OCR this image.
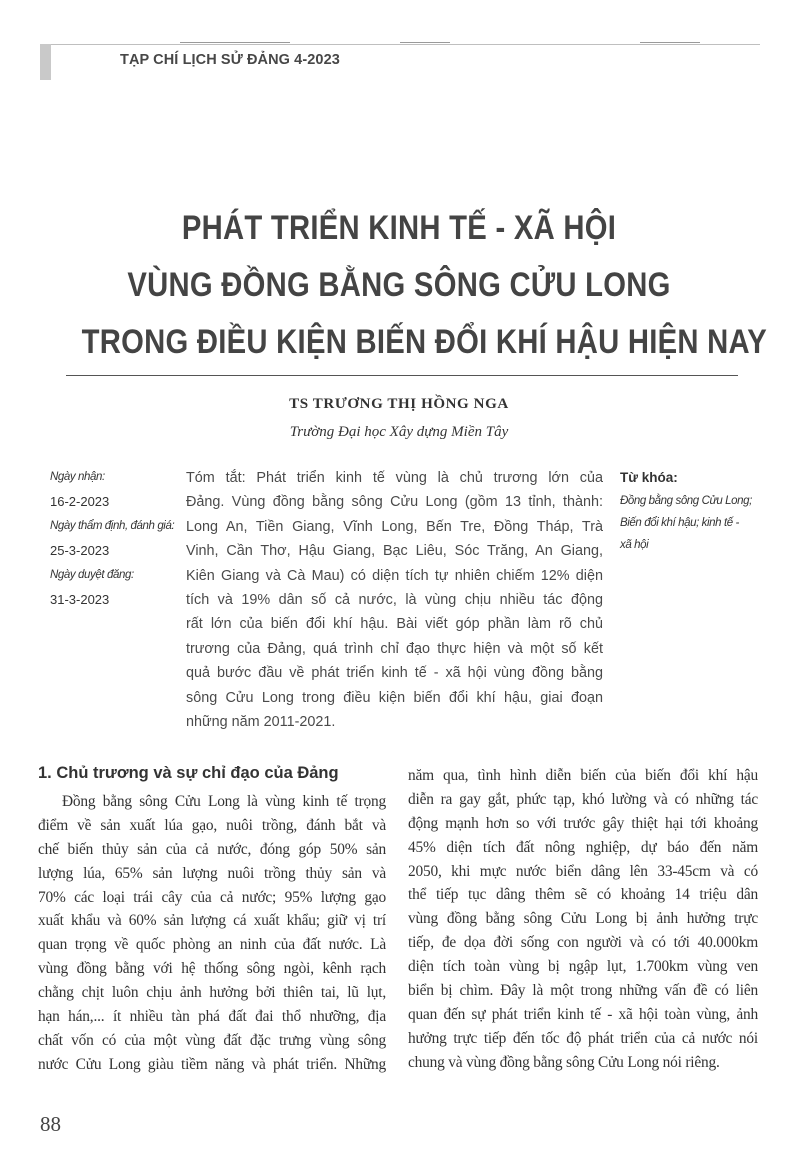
TẠP CHÍ LỊCH SỬ ĐẢNG 4-2023
PHÁT TRIỂN KINH TẾ - XÃ HỘI
VÙNG ĐỒNG BẰNG SÔNG CỬU LONG
TRONG ĐIỀU KIỆN BIẾN ĐỔI KHÍ HẬU HIỆN NAY
TS TRƯƠNG THỊ HỒNG NGA
Trường Đại học Xây dựng Miền Tây
Ngày nhận:
16-2-2023
Ngày thẩm định, đánh giá:
25-3-2023
Ngày duyệt đăng:
31-3-2023
Tóm tắt: Phát triển kinh tế vùng là chủ trương lớn của
Đảng. Vùng đồng bằng sông Cửu Long (gồm 13 tỉnh, thành:
Long An, Tiền Giang, Vĩnh Long, Bến Tre, Đồng Tháp, Trà
Vinh, Cần Thơ, Hậu Giang, Bạc Liêu, Sóc Trăng, An Giang,
Kiên Giang và Cà Mau) có diện tích tự nhiên chiếm 12% diện
tích và 19% dân số cả nước, là vùng chịu nhiều tác động
rất lớn của biến đổi khí hậu. Bài viết góp phần làm rõ chủ
trương của Đảng, quá trình chỉ đạo thực hiện và một số kết
quả bước đầu về phát triển kinh tế - xã hội vùng đồng bằng
sông Cửu Long trong điều kiện biến đổi khí hậu, giai đoạn
những năm 2011-2021.
Từ khóa:
Đồng bằng sông Cửu Long;
Biến đổi khí hậu; kinh tế -
xã hội
1. Chủ trương và sự chỉ đạo của Đảng
Đồng bằng sông Cửu Long là vùng kinh tế trọng
điểm về sản xuất lúa gạo, nuôi trồng, đánh bắt và
chế biến thủy sản của cả nước, đóng góp 50% sản
lượng lúa, 65% sản lượng nuôi trồng thủy sản và
70% các loại trái cây của cả nước; 95% lượng gạo
xuất khẩu và 60% sản lượng cá xuất khẩu; giữ vị trí
quan trọng về quốc phòng an ninh của đất nước. Là
vùng đồng bằng với hệ thống sông ngòi, kênh rạch
chằng chịt luôn chịu ảnh hưởng bởi thiên tai, lũ lụt,
hạn hán,... ít nhiều tàn phá đất đai thổ nhưỡng, địa
chất vốn có của một vùng đất đặc trưng vùng sông
nước Cửu Long giàu tiềm năng và phát triển. Những
năm qua, tình hình diễn biến của biến đổi khí hậu
diễn ra gay gắt, phức tạp, khó lường và có những tác
động mạnh hơn so với trước gây thiệt hại tới khoảng
45% diện tích đất nông nghiệp, dự báo đến năm
2050, khi mực nước biển dâng lên 33-45cm và có
thể tiếp tục dâng thêm sẽ có khoảng 14 triệu dân
vùng đồng bằng sông Cửu Long bị ảnh hưởng trực
tiếp, đe dọa đời sống con người và có tới 40.000km
diện tích toàn vùng bị ngập lụt, 1.700km vùng ven
biển bị chìm. Đây là một trong những vấn đề có liên
quan đến sự phát triển kinh tế - xã hội toàn vùng, ảnh
hưởng trực tiếp đến tốc độ phát triển của cả nước nói
chung và vùng đồng bằng sông Cửu Long nói riêng.
88
